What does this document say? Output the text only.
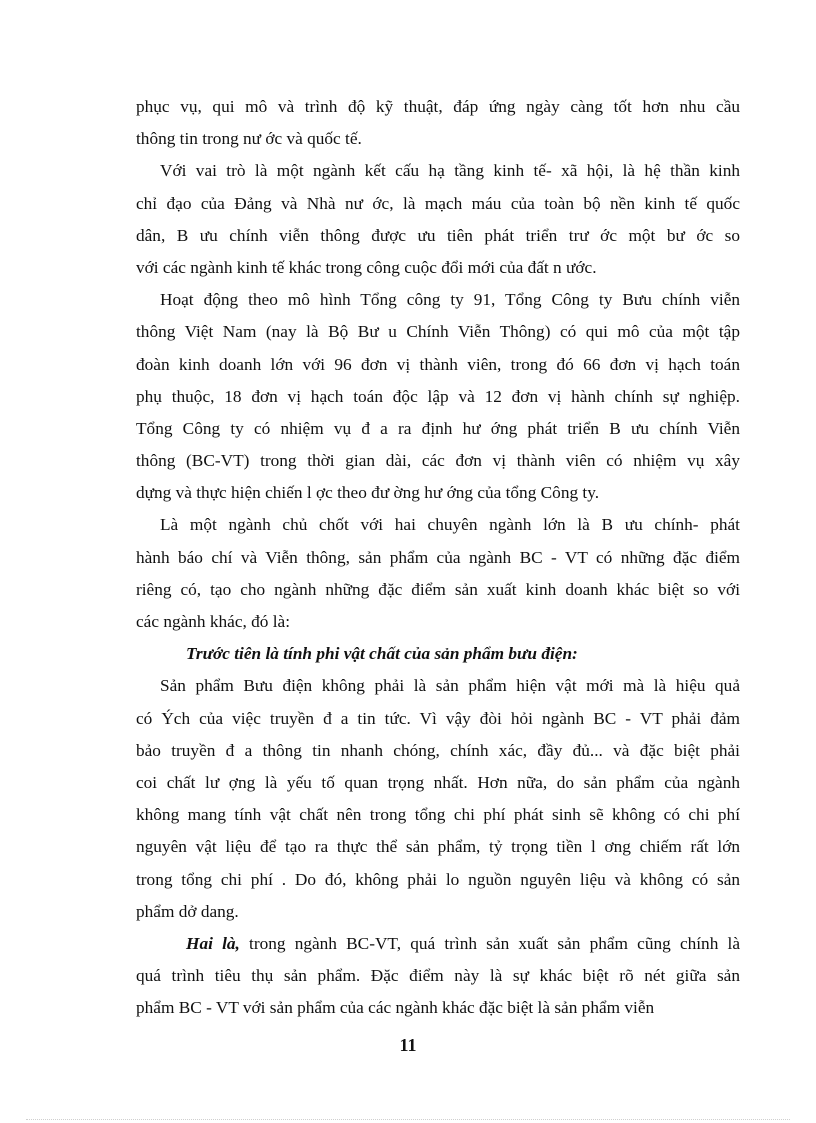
phục vụ, qui mô và trình độ kỹ thuật, đáp ứng ngày càng tốt hơn nhu cầu
thông tin trong nư ớc và quốc tế.
Với vai trò là một ngành kết cấu hạ tầng kinh tế- xã hội, là hệ thần kinh
chỉ đạo của Đảng và Nhà nư ớc, là mạch máu của toàn bộ nền kinh tế quốc
dân, B ưu chính viễn thông được ưu tiên phát triển trư ớc một bư ớc so
với các ngành kinh tế khác trong công cuộc đổi mới của đất n ước.
Hoạt động theo mô hình Tổng công ty 91, Tổng Công ty Bưu chính viễn
thông Việt Nam (nay là Bộ Bư u Chính Viễn Thông) có qui mô của một tập
đoàn kinh doanh lớn với 96 đơn vị thành viên, trong đó 66 đơn vị hạch toán
phụ thuộc, 18 đơn vị hạch toán độc lập và 12 đơn vị hành chính sự nghiệp.
Tổng Công ty có nhiệm vụ đ a ra định hư ớng phát triển B ưu chính Viễn
thông (BC-VT) trong thời gian dài, các đơn vị thành viên có nhiệm vụ xây
dựng và thực hiện chiến l ợc theo đư ờng hư ớng của tổng Công ty.
Là một ngành chủ chốt với hai chuyên ngành lớn là B ưu chính- phát
hành báo chí và Viễn thông, sản phẩm của ngành BC - VT có những đặc điểm
riêng có, tạo cho ngành những đặc điểm sản xuất kinh doanh khác biệt so với
các ngành khác, đó là:
Trước tiên là tính phi vật chất của sản phẩm bưu điện:
Sản phẩm Bưu điện không phải là sản phẩm hiện vật mới mà là hiệu quả
có Ých của việc truyền đ a tin tức. Vì vậy đòi hỏi ngành BC - VT phải đảm
bảo truyền đ a thông tin nhanh chóng, chính xác, đầy đủ... và đặc biệt phải
coi chất lư ợng là yếu tố quan trọng nhất. Hơn nữa, do sản phẩm của ngành
không mang tính vật chất nên trong tổng chi phí phát sinh sẽ không có chi phí
nguyên vật liệu để tạo ra thực thể sản phẩm, tỷ trọng tiền l ơng chiếm rất lớn
trong tổng chi phí . Do đó, không phải lo nguồn nguyên liệu và không có sản
phẩm dở dang.
Hai là, trong ngành BC-VT, quá trình sản xuất sản phẩm cũng chính là
quá trình tiêu thụ sản phẩm. Đặc điểm này là sự khác biệt rõ nét giữa sản
phẩm BC - VT với sản phẩm của các ngành khác đặc biệt là sản phẩm viễn
11
